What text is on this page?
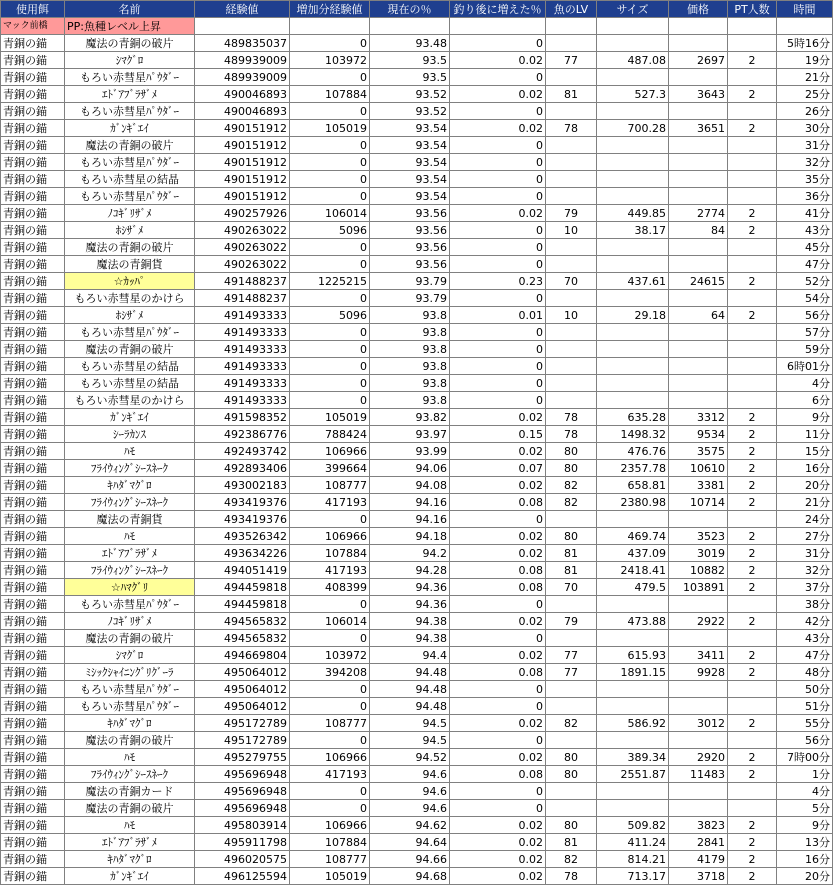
使用餌	名前	経験値	増加分経験値	現在の％	釣り後に増えた％	魚のLV	サイズ	価格	PT人数	時間
マック前橋	PP:魚種レベル上昇									
青銅の錨	魔法の青銅の破片	489835037	0	93.48	0					5時16分
青銅の錨	ｼﾏｸﾞﾛ	489939009	103972	93.5	0.02	77	487.08	2697	2	19分
青銅の錨	もろい赤彗星ﾊﾟｳﾀﾞｰ	489939009	0	93.5	0					21分
青銅の錨	ｴﾄﾞｱﾌﾞﾗｻﾞﾒ	490046893	107884	93.52	0.02	81	527.3	3643	2	25分
青銅の錨	もろい赤彗星ﾊﾟｳﾀﾞｰ	490046893	0	93.52	0					26分
青銅の錨	ｶﾞﾝｷﾞｴｲ	490151912	105019	93.54	0.02	78	700.28	3651	2	30分
青銅の錨	魔法の青銅の破片	490151912	0	93.54	0					31分
青銅の錨	もろい赤彗星ﾊﾟｳﾀﾞｰ	490151912	0	93.54	0					32分
青銅の錨	もろい赤彗星の結晶	490151912	0	93.54	0					35分
青銅の錨	もろい赤彗星ﾊﾟｳﾀﾞｰ	490151912	0	93.54	0					36分
青銅の錨	ﾉｺｷﾞﾘｻﾞﾒ	490257926	106014	93.56	0.02	79	449.85	2774	2	41分
青銅の錨	ﾎｼｻﾞﾒ	490263022	5096	93.56	0	10	38.17	84	2	43分
青銅の錨	魔法の青銅の破片	490263022	0	93.56	0					45分
青銅の錨	魔法の青銅貨	490263022	0	93.56	0					47分
青銅の錨	☆ｶｯﾊﾟ	491488237	1225215	93.79	0.23	70	437.61	24615	2	52分
青銅の錨	もろい赤彗星のかけら	491488237	0	93.79	0					54分
青銅の錨	ﾎｼｻﾞﾒ	491493333	5096	93.8	0.01	10	29.18	64	2	56分
青銅の錨	もろい赤彗星ﾊﾟｳﾀﾞｰ	491493333	0	93.8	0					57分
青銅の錨	魔法の青銅の破片	491493333	0	93.8	0					59分
青銅の錨	もろい赤彗星の結晶	491493333	0	93.8	0					6時01分
青銅の錨	もろい赤彗星の結晶	491493333	0	93.8	0					4分
青銅の錨	もろい赤彗星のかけら	491493333	0	93.8	0					6分
青銅の錨	ｶﾞﾝｷﾞｴｲ	491598352	105019	93.82	0.02	78	635.28	3312	2	9分
青銅の錨	ｼｰﾗｶﾝｽ	492386776	788424	93.97	0.15	78	1498.32	9534	2	11分
青銅の錨	ﾊﾓ	492493742	106966	93.99	0.02	80	476.76	3575	2	15分
青銅の錨	ﾌﾗｲｳｨﾝｸﾞｼｰｽﾈｰｸ	492893406	399664	94.06	0.07	80	2357.78	10610	2	16分
青銅の錨	ｷﾊﾀﾞﾏｸﾞﾛ	493002183	108777	94.08	0.02	82	658.81	3381	2	20分
青銅の錨	ﾌﾗｲｳｨﾝｸﾞｼｰｽﾈｰｸ	493419376	417193	94.16	0.08	82	2380.98	10714	2	21分
青銅の錨	魔法の青銅貨	493419376	0	94.16	0					24分
青銅の錨	ﾊﾓ	493526342	106966	94.18	0.02	80	469.74	3523	2	27分
青銅の錨	ｴﾄﾞｱﾌﾞﾗｻﾞﾒ	493634226	107884	94.2	0.02	81	437.09	3019	2	31分
青銅の錨	ﾌﾗｲｳｨﾝｸﾞｼｰｽﾈｰｸ	494051419	417193	94.28	0.08	81	2418.41	10882	2	32分
青銅の錨	☆ﾊﾏｸﾞﾘ	494459818	408399	94.36	0.08	70	479.5	103891	2	37分
青銅の錨	もろい赤彗星ﾊﾟｳﾀﾞｰ	494459818	0	94.36	0					38分
青銅の錨	ﾉｺｷﾞﾘｻﾞﾒ	494565832	106014	94.38	0.02	79	473.88	2922	2	42分
青銅の錨	魔法の青銅の破片	494565832	0	94.38	0					43分
青銅の錨	ｼﾏｸﾞﾛ	494669804	103972	94.4	0.02	77	615.93	3411	2	47分
青銅の錨	ﾐｼｯｸｼｬｲﾆﾝｸﾞﾘｸﾞｰﾗ	495064012	394208	94.48	0.08	77	1891.15	9928	2	48分
青銅の錨	もろい赤彗星ﾊﾟｳﾀﾞｰ	495064012	0	94.48	0					50分
青銅の錨	もろい赤彗星ﾊﾟｳﾀﾞｰ	495064012	0	94.48	0					51分
青銅の錨	ｷﾊﾀﾞﾏｸﾞﾛ	495172789	108777	94.5	0.02	82	586.92	3012	2	55分
青銅の錨	魔法の青銅の破片	495172789	0	94.5	0					56分
青銅の錨	ﾊﾓ	495279755	106966	94.52	0.02	80	389.34	2920	2	7時00分
青銅の錨	ﾌﾗｲｳｨﾝｸﾞｼｰｽﾈｰｸ	495696948	417193	94.6	0.08	80	2551.87	11483	2	1分
青銅の錨	魔法の青銅カード	495696948	0	94.6	0					4分
青銅の錨	魔法の青銅の破片	495696948	0	94.6	0					5分
青銅の錨	ﾊﾓ	495803914	106966	94.62	0.02	80	509.82	3823	2	9分
青銅の錨	ｴﾄﾞｱﾌﾞﾗｻﾞﾒ	495911798	107884	94.64	0.02	81	411.24	2841	2	13分
青銅の錨	ｷﾊﾀﾞﾏｸﾞﾛ	496020575	108777	94.66	0.02	82	814.21	4179	2	16分
青銅の錨	ｶﾞﾝｷﾞｴｲ	496125594	105019	94.68	0.02	78	713.17	3718	2	20分
